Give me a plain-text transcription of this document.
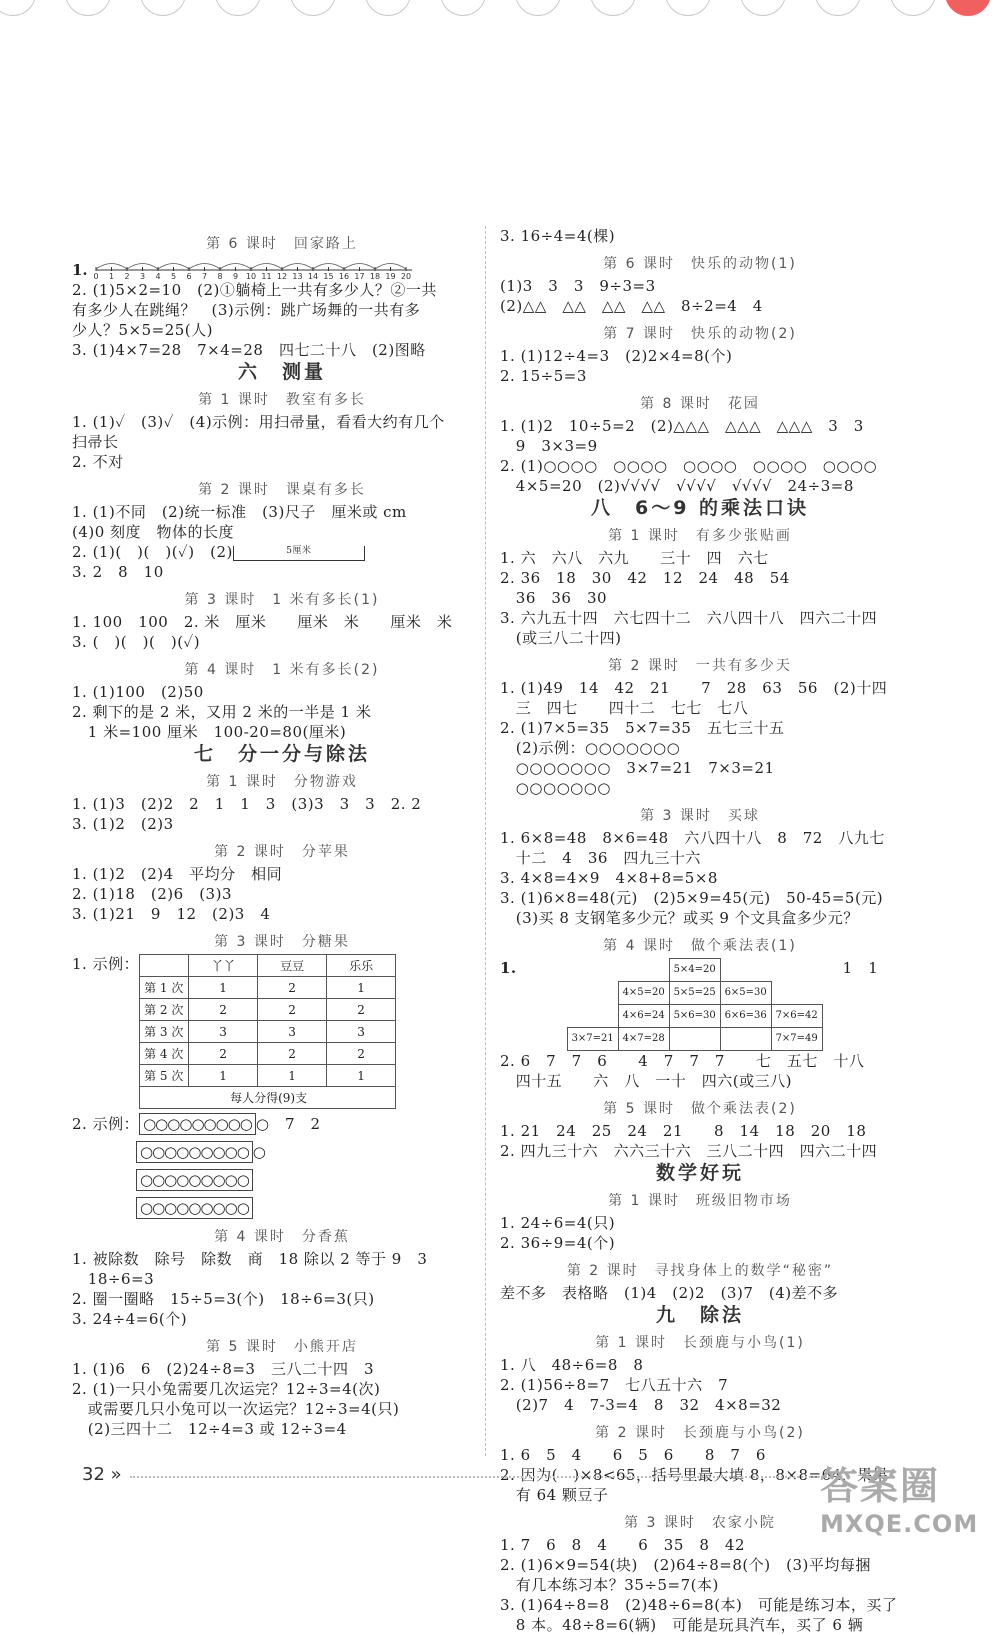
第 6 课时　回家路上
1. 0 1 2 3 4 5 6 7 8 9 10 11 12 13 14 15 16 17 18 19 20
2. (1)5×2=10　(2)①躺椅上一共有多少人？②一共
有多少人在跳绳？　(3)示例：跳广场舞的一共有多
少人？5×5=25(人)
3. (1)4×7=28　7×4=28　四七二十八　(2)图略
六　测量
第 1 课时　教室有多长
1. (1)✓　(3)✓　(4)示例：用扫帚量，看看大约有几个
扫帚长
2. 不对
第 2 课时　课桌有多长
1. (1)不同　(2)统一标准　(3)尺子　厘米或 cm
(4)0 刻度　物体的长度
2. (1)(　)(　)(✓)　(2)	5厘米
3. 2　8　10
第 3 课时　1 米有多长(1)
1. 100　100　2. 米　厘米　　厘米　米　　厘米　米
3. (　)(　)(　)(✓)
第 4 课时　1 米有多长(2)
1. (1)100　(2)50
2. 剩下的是 2 米，又用 2 米的一半是 1 米
1 米=100 厘米　100-20=80(厘米)
七　分一分与除法
第 1 课时　分物游戏
1. (1)3　(2)2　2　1　1　3　(3)3　3　3　2. 2
3. (1)2　(2)3
第 2 课时　分苹果
1. (1)2　(2)4　平均分　相同
2. (1)18　(2)6　(3)3
3. (1)21　9　12　(2)3　4
第 3 课时　分糖果
1. 示例：
		丫丫	豆豆	乐乐
第 1 次	1	2	1
第 2 次	2	2	2
第 3 次	3	3	3
第 4 次	2	2	2
第 5 次	1	1	1
每人分得(9)支			
2. 示例： ○○○○○○○○○ ○　 7　2
○○○○○○○○○ ○
○○○○○○○○○
○○○○○○○○○
第 4 课时　分香蕉
1. 被除数　除号　除数　商　18 除以 2 等于 9　3
18÷6=3
2. 圈一圈略　15÷5=3(个)　18÷6=3(只)
3. 24÷4=6(个)
第 5 课时　小熊开店
1. (1)6　6　(2)24÷8=3　三八二十四　3
2. (1)一只小兔需要几次运完？12÷3=4(次)
或需要几只小兔可以一次运完？12÷3=4(只)
(2)三四十二　12÷4=3 或 12÷3=4
3. 16÷4=4(棵)
第 6 课时　快乐的动物(1)
(1)3　3　3　9÷3=3
(2)△△　△△　△△　△△　8÷2=4　4
第 7 课时　快乐的动物(2)
1. (1)12÷4=3　(2)2×4=8(个)
2. 15÷5=3
第 8 课时　花园
1. (1)2　10÷5=2　(2)△△△　△△△　△△△　3　3
9　3×3=9
2. (1)○○○○　○○○○　○○○○　○○○○　○○○○
4×5=20　(2)√√√√　√√√√　√√√√　24÷3=8
八　6～9 的乘法口诀
第 1 课时　有多少张贴画
1. 六　六八　六九　　三十　四　六七
2. 36　18　30　42　12　24　48　54
36　36　30
3. 六九五十四　六七四十二　六八四十八　四六二十四
(或三八二十四)
第 2 课时　一共有多少天
1. (1)49　14　42　21　　7　28　63　56　(2)十四
三　四七　　四十二　七七　七八
2. (1)7×5=35　5×7=35　五七三十五
(2)示例：○○○○○○○
○○○○○○○　3×7=21　7×3=21
○○○○○○○
第 3 课时　买球
1. 6×8=48　8×6=48　六八四十八　8　72　八九七
十二　4　36　四九三十六
3. 4×8=4×9　4×8+8=5×8
3. (1)6×8=48(元)　(2)5×9=45(元)　50-45=5(元)
(3)买 8 支钢笔多少元？或买 9 个文具盒多少元？
第 4 课时　做个乘法表(1)
1.
			5×4=20		
	4×5=20	5×5=25	6×5=30	
	4×6=24	5×6=30	6×6=36	7×6=42
3×7=21	4×7=28			7×7=49
1　1
2. 6　7　7　6　　4　7　7　7　　七　五七　十八
四十五　　六　八　一十　四六(或三八)
第 5 课时　做个乘法表(2)
1. 21　24　25　24　21　　8　14　18　20　18
2. 四九三十六　六六三十六　三八二十四　四六二十四
数学好玩
第 1 课时　班级旧物市场
1. 24÷6=4(只)
2. 36÷9=4(个)
第 2 课时　寻找身体上的数学“秘密”
差不多　表格略　(1)4　(2)2　(3)7　(4)差不多
九　除法
第 1 课时　长颈鹿与小鸟(1)
1. 八　48÷6=8　8
2. (1)56÷8=7　七八五十六　7
(2)7　4　7-3=4　8　32　4×8=32
第 2 课时　长颈鹿与小鸟(2)
1. 6　5　4　　6　5　6　　8　7　6
2. 因为(　)×8<65，括号里最大填 8，8×8=64，果果
有 64 颗豆子
第 3 课时　农家小院
1. 7　6　8　4　　6　35　8　42
2. (1)6×9=54(块)　(2)64÷8=8(个)　(3)平均每捆
有几本练习本？35÷5=7(本)
3. (1)64÷8=8　(2)48÷6=8(本)　可能是练习本，买了
8 本。48÷8=6(辆)　可能是玩具汽车，买了 6 辆
32 »	答案圈
MXQE.COM
